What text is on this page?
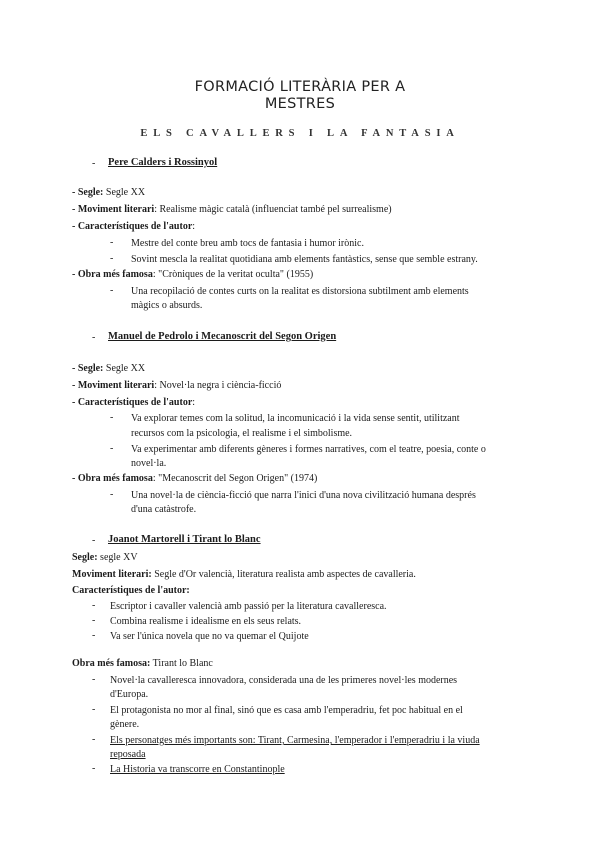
FORMACIÓ LITERÀRIA PER A
MESTRES
ELS CAVALLERS I LA FANTASIA
- Pere Calders i Rossinyol
- Segle: Segle XX
- Moviment literari: Realisme màgic català (influenciat també pel surrealisme)
- Característiques de l'autor:
- Mestre del conte breu amb tocs de fantasia i humor irònic.
- Sovint mescla la realitat quotidiana amb elements fantàstics, sense que semble estrany.
- Obra més famosa: "Cròniques de la veritat oculta" (1955)
- Una recopilació de contes curts on la realitat es distorsiona subtilment amb elements
màgics o absurds.
- Manuel de Pedrolo i Mecanoscrit del Segon Origen
- Segle: Segle XX
- Moviment literari: Novel·la negra i ciència-ficció
- Característiques de l'autor:
- Va explorar temes com la solitud, la incomunicació i la vida sense sentit, utilitzant
recursos com la psicologia, el realisme i el simbolisme.
- Va experimentar amb diferents gèneres i formes narratives, com el teatre, poesia, conte o
novel·la.
- Obra més famosa: "Mecanoscrit del Segon Origen" (1974)
- Una novel·la de ciència-ficció que narra l'inici d'una nova civilització humana després
d'una catàstrofe.
- Joanot Martorell i Tirant lo Blanc
Segle: segle XV
Moviment literari: Segle d'Or valencià, literatura realista amb aspectes de cavalleria.
Característiques de l'autor:
- Escriptor i cavaller valencià amb passió per la literatura cavalleresca.
- Combina realisme i idealisme en els seus relats.
- Va ser l'única novela que no va quemar el Quijote
Obra més famosa: Tirant lo Blanc
- Novel·la cavalleresca innovadora, considerada una de les primeres novel·les modernes
d'Europa.
- El protagonista no mor al final, sinó que es casa amb l'emperadriu, fet poc habitual en el
gènere.
- Els personatges més importants son: Tirant, Carmesina, l'emperador i l'emperadriu i la viuda
reposada
- La Historia va transcorre en Constantinople
